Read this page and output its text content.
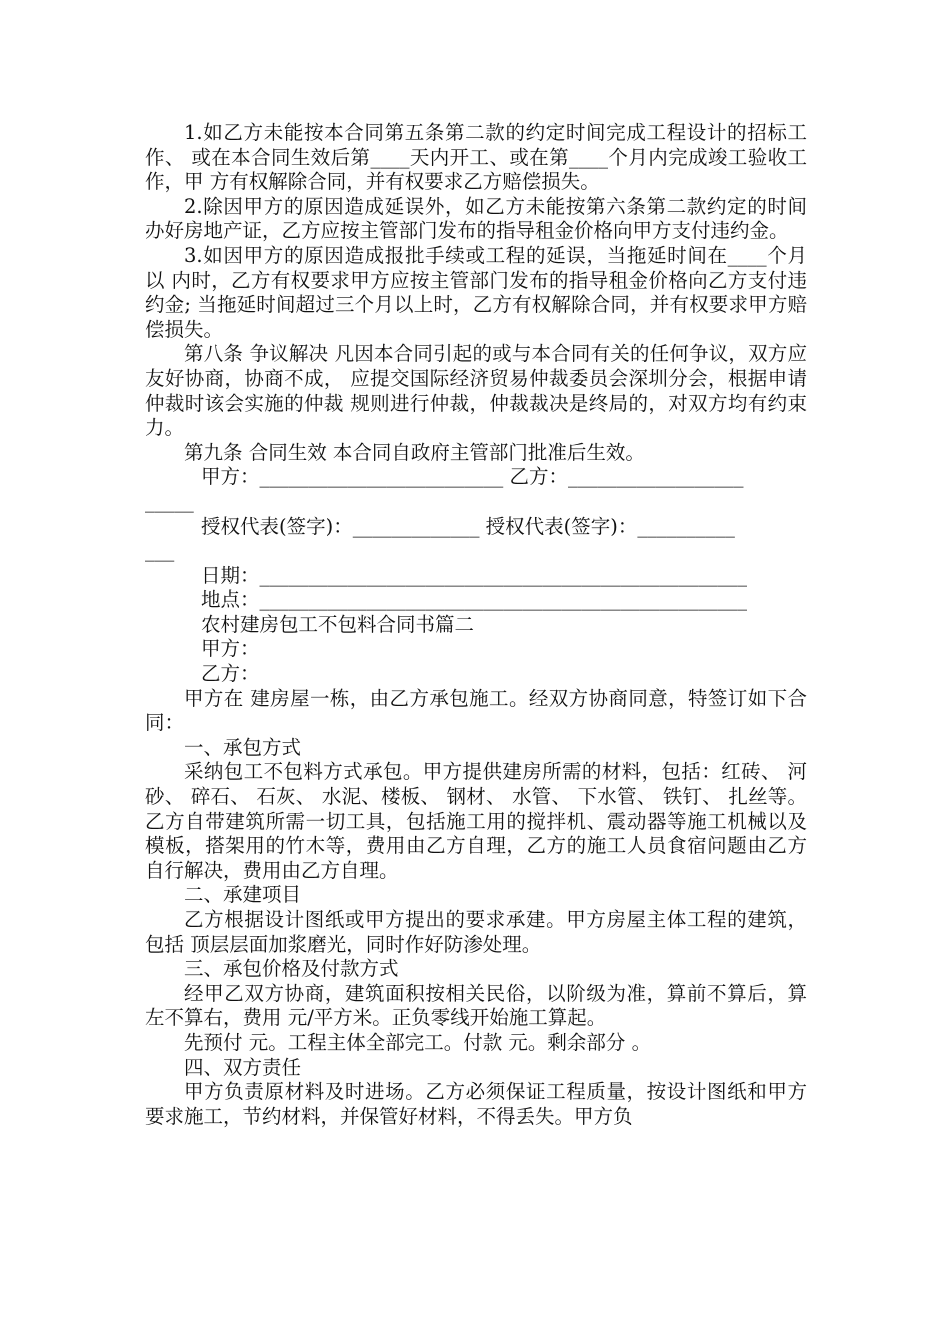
1.如乙方未能按本合同第五条第二款的约定时间完成工程设计的招标工作、 或在本合同生效后第____天内开工、或在第____个月内完成竣工验收工作，甲 方有权解除合同，并有权要求乙方赔偿损失。

2.除因甲方的原因造成延误外，如乙方未能按第六条第二款约定的时间办好房地产证，乙方应按主管部门发布的指导租金价格向甲方支付违约金。

3.如因甲方的原因造成报批手续或工程的延误，当拖延时间在____个月以 内时，乙方有权要求甲方应按主管部门发布的指导租金价格向乙方支付违约金; 当拖延时间超过三个月以上时，乙方有权解除合同，并有权要求甲方赔偿损失。

第八条 争议解决 凡因本合同引起的或与本合同有关的任何争议，双方应友好协商，协商不成， 应提交国际经济贸易仲裁委员会深圳分会，根据申请仲裁时该会实施的仲裁 规则进行仲裁，仲裁裁决是终局的，对双方均有约束力。

第九条 合同生效 本合同自政府主管部门批准后生效。

甲方：_________________________ 乙方：__________________
_____
授权代表(签字)：_____________ 授权代表(签字)：__________
___
日期：__________________________________________________
地点：__________________________________________________
农村建房包工不包料合同书篇二
甲方：
乙方：

甲方在 建房屋一栋，由乙方承包施工。经双方协商同意，特签订如下合同：

一、承包方式

采纳包工不包料方式承包。甲方提供建房所需的材料，包括：红砖、 河砂、 碎石、 石灰、 水泥、楼板、 钢材、 水管、 下水管、 铁钉、 扎丝等。 乙方自带建筑所需一切工具，包括施工用的搅拌机、震动器等施工机械以及模板，搭架用的竹木等，费用由乙方自理，乙方的施工人员食宿问题由乙方自行解决，费用由乙方自理。

二、承建项目

乙方根据设计图纸或甲方提出的要求承建。甲方房屋主体工程的建筑，包括 顶层层面加浆磨光，同时作好防渗处理。

三、承包价格及付款方式

经甲乙双方协商，建筑面积按相关民俗，以阶级为准，算前不算后，算左不算右，费用 元/平方米。正负零线开始施工算起。

先预付 元。工程主体全部完工。付款 元。剩余部分 。

四、双方责任

甲方负责原材料及时进场。乙方必须保证工程质量，按设计图纸和甲方要求施工，节约材料，并保管好材料，不得丢失。甲方负
